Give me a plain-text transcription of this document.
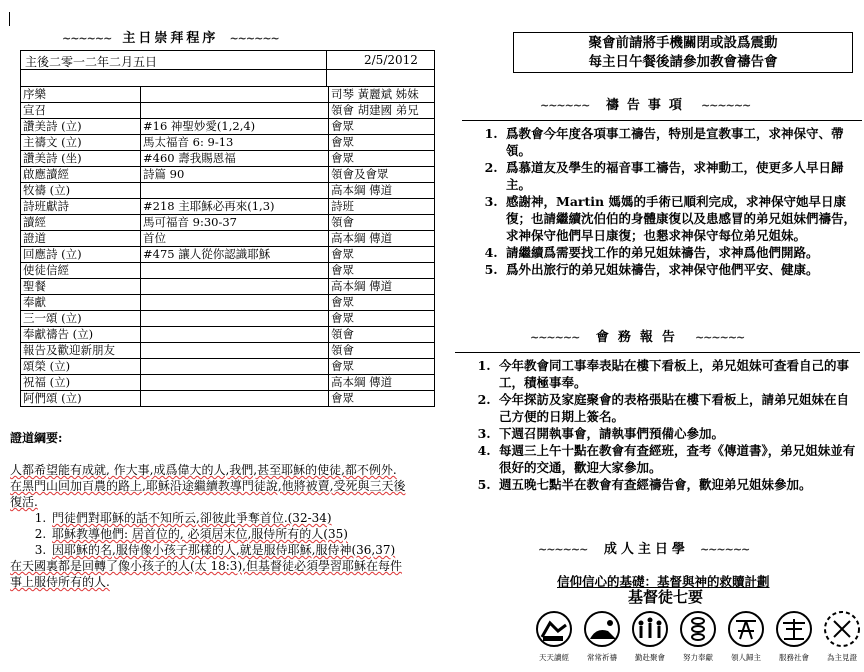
~~~~~~ 主日崇拜程序 ~~~~~~
主後二零一二年二月五日	2/5/2012
序樂		司琴 黃麗斌 姊妹
宣召		領會 胡建國 弟兄
讚美詩 (立)	#16 神聖妙愛(1,2,4)	會眾
主禱文 (立)	馬太福音 6: 9-13	會眾
讚美詩 (坐)	#460 壽我賜恩福	會眾
啟應讀經	詩篇 90	領會及會眾
牧禱 (立)		高本綱 傳道
詩班獻詩	#218 主耶穌必再來(1,3)	詩班
讀經	馬可福音 9:30-37	領會
證道	首位	高本綱 傳道
回應詩 (立)	#475 讓人從你認識耶穌	會眾
使徒信經		會眾
聖餐		高本綱 傳道
奉獻		會眾
三一頌 (立)		會眾
奉獻禱告 (立)		領會
報告及歡迎新朋友		領會
頌榮 (立)		會眾
祝福 (立)		高本綱 傳道
阿們頌 (立)		會眾
證道綱要:
人都希望能有成就, 作大事,成爲偉大的人,我們,甚至耶穌的使徒,都不例外. 在黑門山回加百農的路上,耶穌沿途繼續教導門徒說,他將被賣,受死與三天後復活.
1. 門徒們對耶穌的話不知所云,卻彼此爭奪首位.(32-34)
2. 耶穌教導他們: 居首位的, 必須居末位,服侍所有的人(35)
3. 因耶穌的名,服侍像小孩子那樣的人,就是服侍耶穌,服侍神(36,37)
在天國裏都是回轉了像小孩子的人(太 18:3),但基督徒必須學習耶穌在每件事上服侍所有的人.
聚會前請將手機關閉或設爲震動
每主日午餐後請參加教會禱告會
~~~~~~ 禱告事項 ~~~~~~
1. 爲教會今年度各項事工禱告，特別是宣教事工，求神保守、帶領。
2. 爲慕道友及學生的福音事工禱告，求神動工，使更多人早日歸主。
3. 感謝神，Martin 媽媽的手術已順利完成，求神保守她早日康復；也請繼續沈伯伯的身體康復以及患感冒的弟兄姐妹們禱告，求神保守他們早日康復；也懇求神保守每位弟兄姐妹。
4. 請繼續爲需要找工作的弟兄姐妹禱告，求神爲他們開路。
5. 爲外出旅行的弟兄姐妹禱告，求神保守他們平安、健康。
~~~~~~ 會務報告 ~~~~~~
1. 今年教會同工事奉表貼在樓下看板上，弟兄姐妹可查看自己的事工，積極事奉。
2. 今年探訪及家庭聚會的表格張貼在樓下看板上，請弟兄姐妹在自己方便的日期上簽名。
3. 下週召開執事會，請執事們預備心參加。
4. 每週三上午十點在教會有查經班，查考《傳道書》，弟兄姐妹並有很好的交通，歡迎大家參加。
5. 週五晚七點半在教會有查經禱告會，歡迎弟兄姐妹參加。
~~~~~~ 成人主日學 ~~~~~~
信仰信心的基礎：基督與神的救贖計劃
基督徒七要
天天讀經 常常祈禱 勤赴聚會 努力奉獻 領人歸主 服務社會 為主見證
